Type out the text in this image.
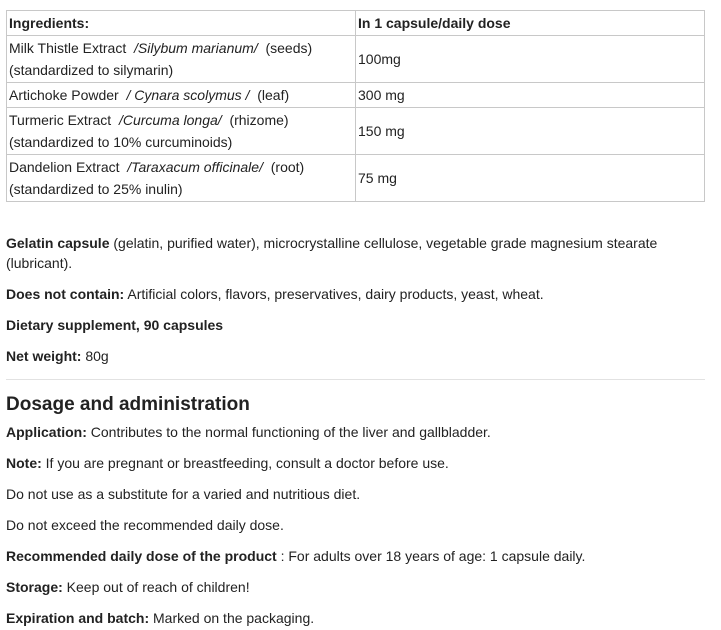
Ingredients:	In 1 capsule/daily dose
Milk Thistle Extract /Silybum marianum/ (seeds)
(standardized to silymarin)	100mg
Artichoke Powder / Cynara scolymus / (leaf)	300 mg
Turmeric Extract /Curcuma longa/ (rhizome)
(standardized to 10% curcuminoids)	150 mg
Dandelion Extract /Taraxacum officinale/ (root)
(standardized to 25% inulin)	75 mg

Gelatin capsule (gelatin, purified water), microcrystalline cellulose, vegetable grade magnesium stearate (lubricant).

Does not contain: Artificial colors, flavors, preservatives, dairy products, yeast, wheat.

Dietary supplement, 90 capsules

Net weight: 80g

Dosage and administration

Application: Contributes to the normal functioning of the liver and gallbladder.

Note: If you are pregnant or breastfeeding, consult a doctor before use.

Do not use as a substitute for a varied and nutritious diet.

Do not exceed the recommended daily dose.

Recommended daily dose of the product : For adults over 18 years of age: 1 capsule daily.

Storage: Keep out of reach of children!

Expiration and batch: Marked on the packaging.
